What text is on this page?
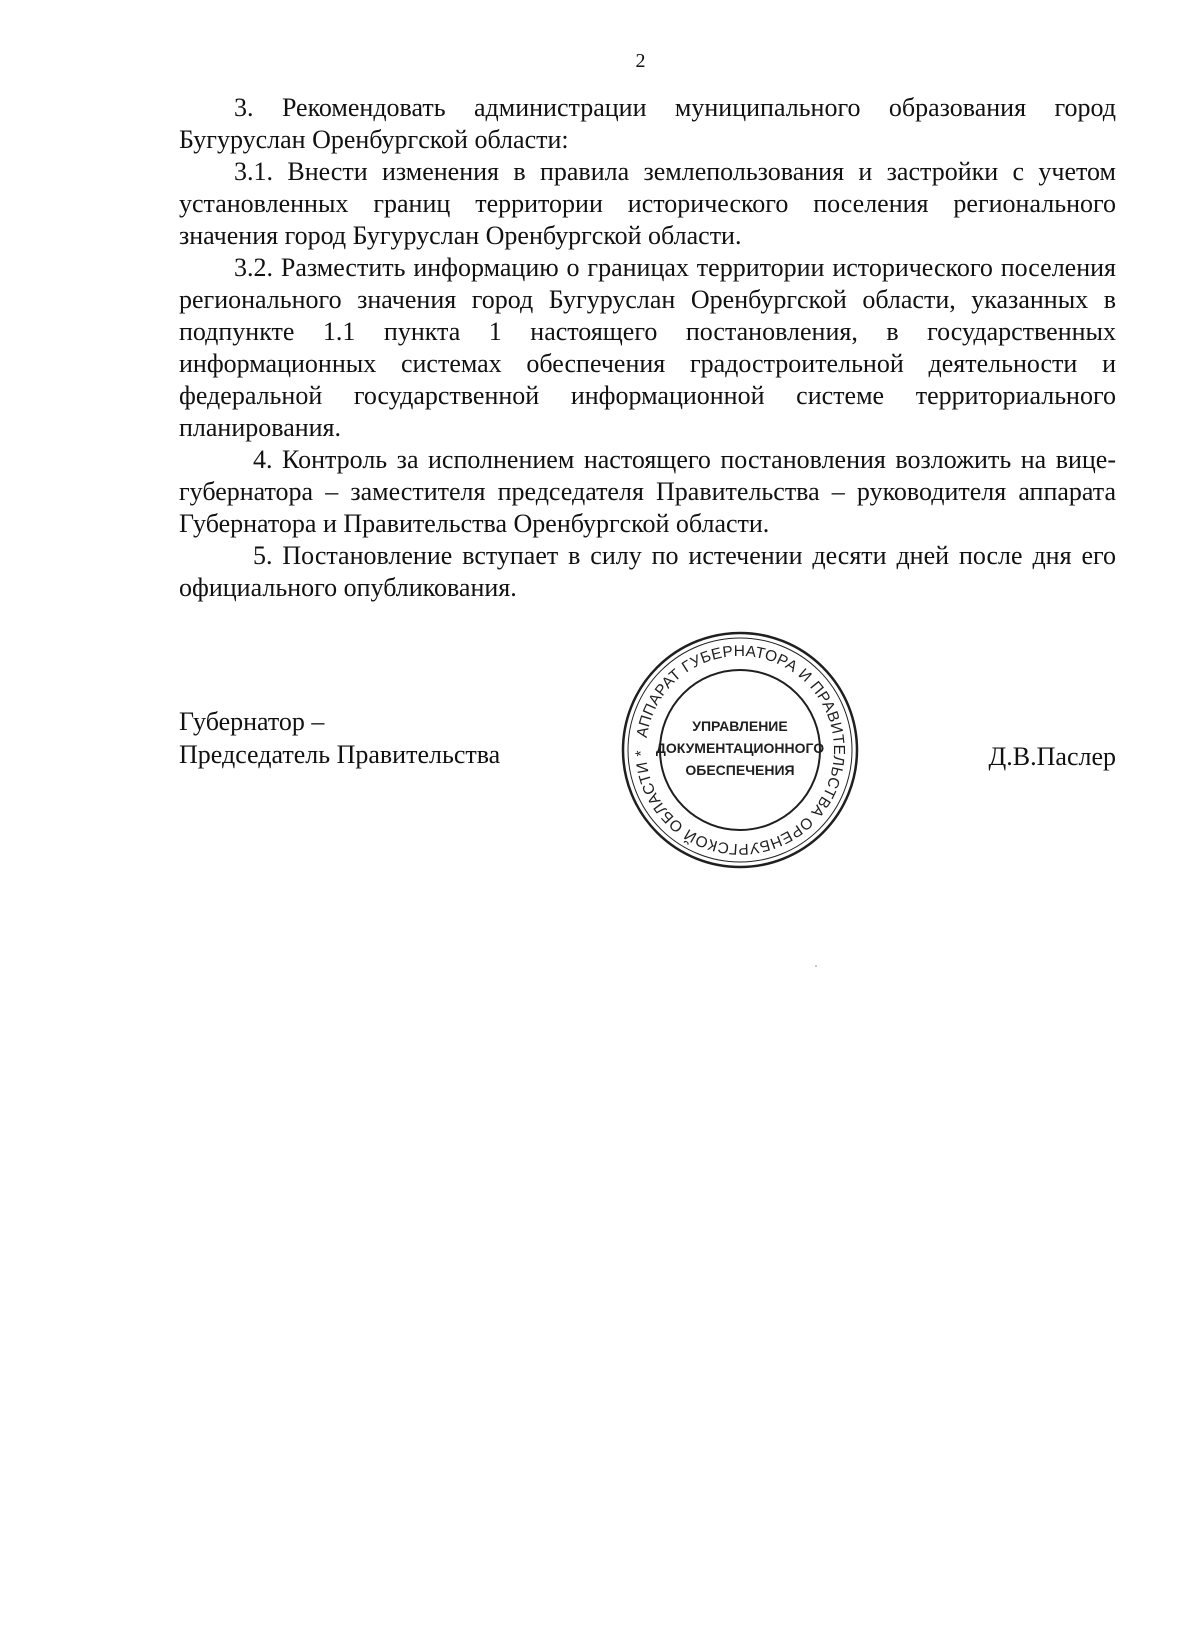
2

3. Рекомендовать администрации муниципального образования город Бугуруслан Оренбургской области:

3.1. Внести изменения в правила землепользования и застройки с учетом установленных границ территории исторического поселения регионального значения город Бугуруслан Оренбургской области.

3.2. Разместить информацию о границах территории исторического поселения регионального значения город Бугуруслан Оренбургской области, указанных в подпункте 1.1 пункта 1 настоящего постановления, в государственных информационных системах обеспечения градостроительной деятельности и федеральной государственной информационной системе территориального планирования.

4. Контроль за исполнением настоящего постановления возложить на вице-губернатора – заместителя председателя Правительства – руководителя аппарата Губернатора и Правительства Оренбургской области.

5. Постановление вступает в силу по истечении десяти дней после дня его официального опубликования.

Губернатор –
Председатель Правительства	Д.В.Паслер
АППАРАТ ГУБЕРНАТОРА И ПРАВИТЕЛЬСТВА ОРЕНБУРГСКОЙ ОБЛАСТИ *
УПРАВЛЕНИЕ
ДОКУМЕНТАЦИОННОГО
ОБЕСПЕЧЕНИЯ
